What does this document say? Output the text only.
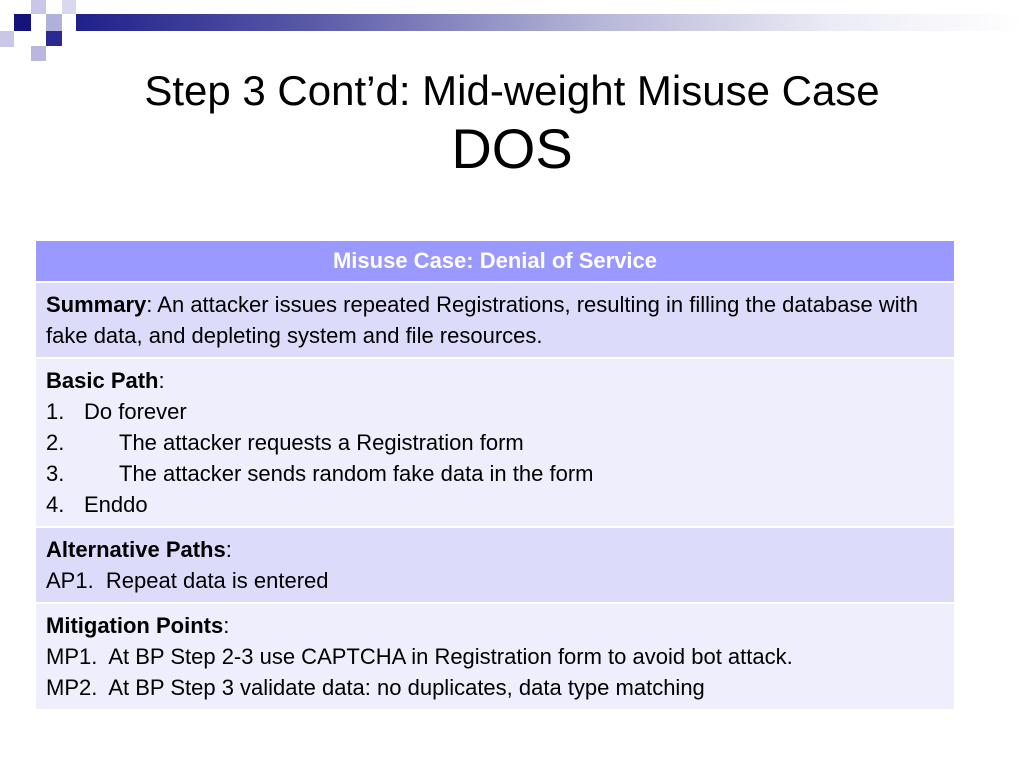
Step 3 Cont’d: Mid-weight Misuse Case
DOS
Misuse Case: Denial of Service
Summary: An attacker issues repeated Registrations, resulting in filling the database with fake data, and depleting system and file resources.

Basic Path:
1. Do forever
2. The attacker requests a Registration form
3. The attacker sends random fake data in the form
4. Enddo

Alternative Paths:
AP1.  Repeat data is entered

Mitigation Points:
MP1.  At BP Step 2-3 use CAPTCHA in Registration form to avoid bot attack.
MP2.  At BP Step 3 validate data: no duplicates, data type matching
